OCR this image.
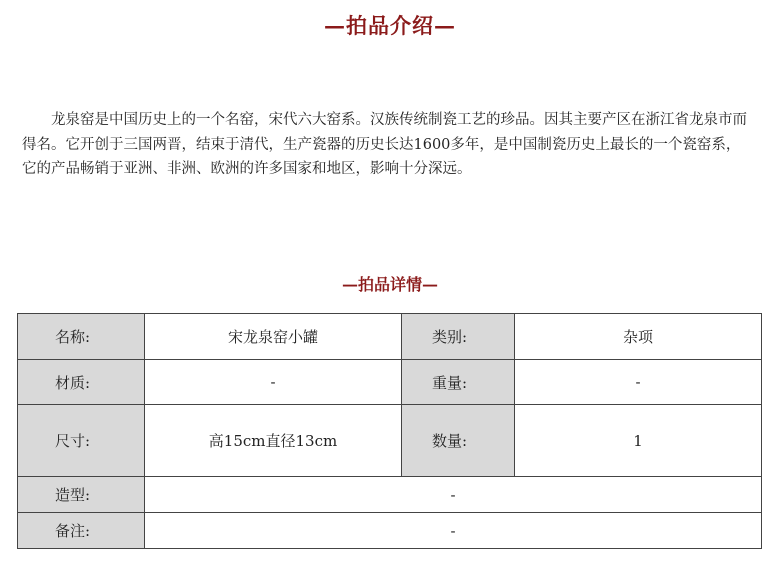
—拍品介绍—

龙泉窑是中国历史上的一个名窑，宋代六大窑系。汉族传统制瓷工艺的珍品。因其主要产区在浙江省龙泉市而得名。它开创于三国两晋，结束于清代，生产瓷器的历史长达1600多年，是中国制瓷历史上最长的一个瓷窑系，它的产品畅销于亚洲、非洲、欧洲的许多国家和地区，影响十分深远。

—拍品详情—
名称:	宋龙泉窑小罐	类别:	杂项
材质:	-	重量:	-
尺寸:	高15cm直径13cm	数量:	1
造型:	-		
备注:	-		
